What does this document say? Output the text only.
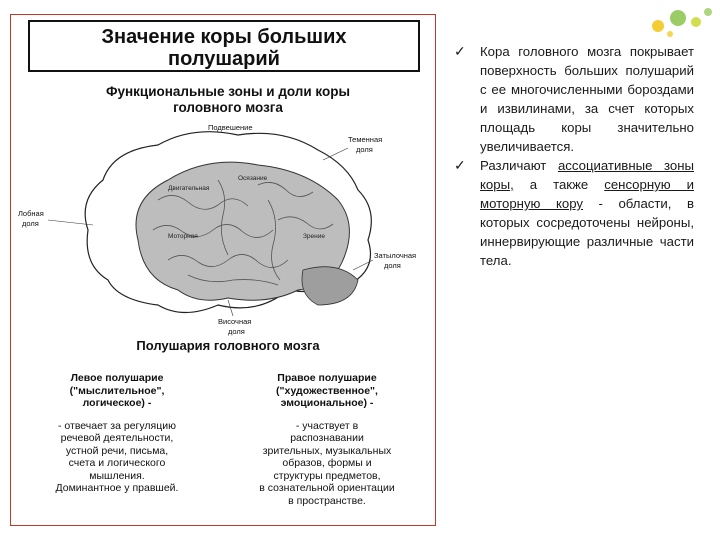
Значение коры больших
полушарий
Функциональные зоны и доли коры
головного мозга
Двигательная
Осязание
Моторная	Зрение
Подвешение
Теменная
доля
Лобная
доля
Затылочная
доля
Височная
доля
Полушария головного мозга
Левое полушарие
("мыслительное",
логическое) -
- отвечает за регуляцию
речевой деятельности,
устной речи, письма,
счета и логического
мышления.
Доминантное у правшей.
Правое полушарие
("художественное",
эмоциональное) -
- участвует в
распознавании
зрительных, музыкальных
образов, формы и
структуры предметов,
в сознательной ориентации
в пространстве.
✓ Кора головного мозга покрывает поверхность больших полушарий с ее многочисленными бороздами и извилинами, за счет которых площадь коры значительно увеличивается.
✓ Различают ассоциативные зоны коры, а также сенсорную и моторную кору - области, в которых сосредоточены нейроны, иннервирующие различные части тела.
